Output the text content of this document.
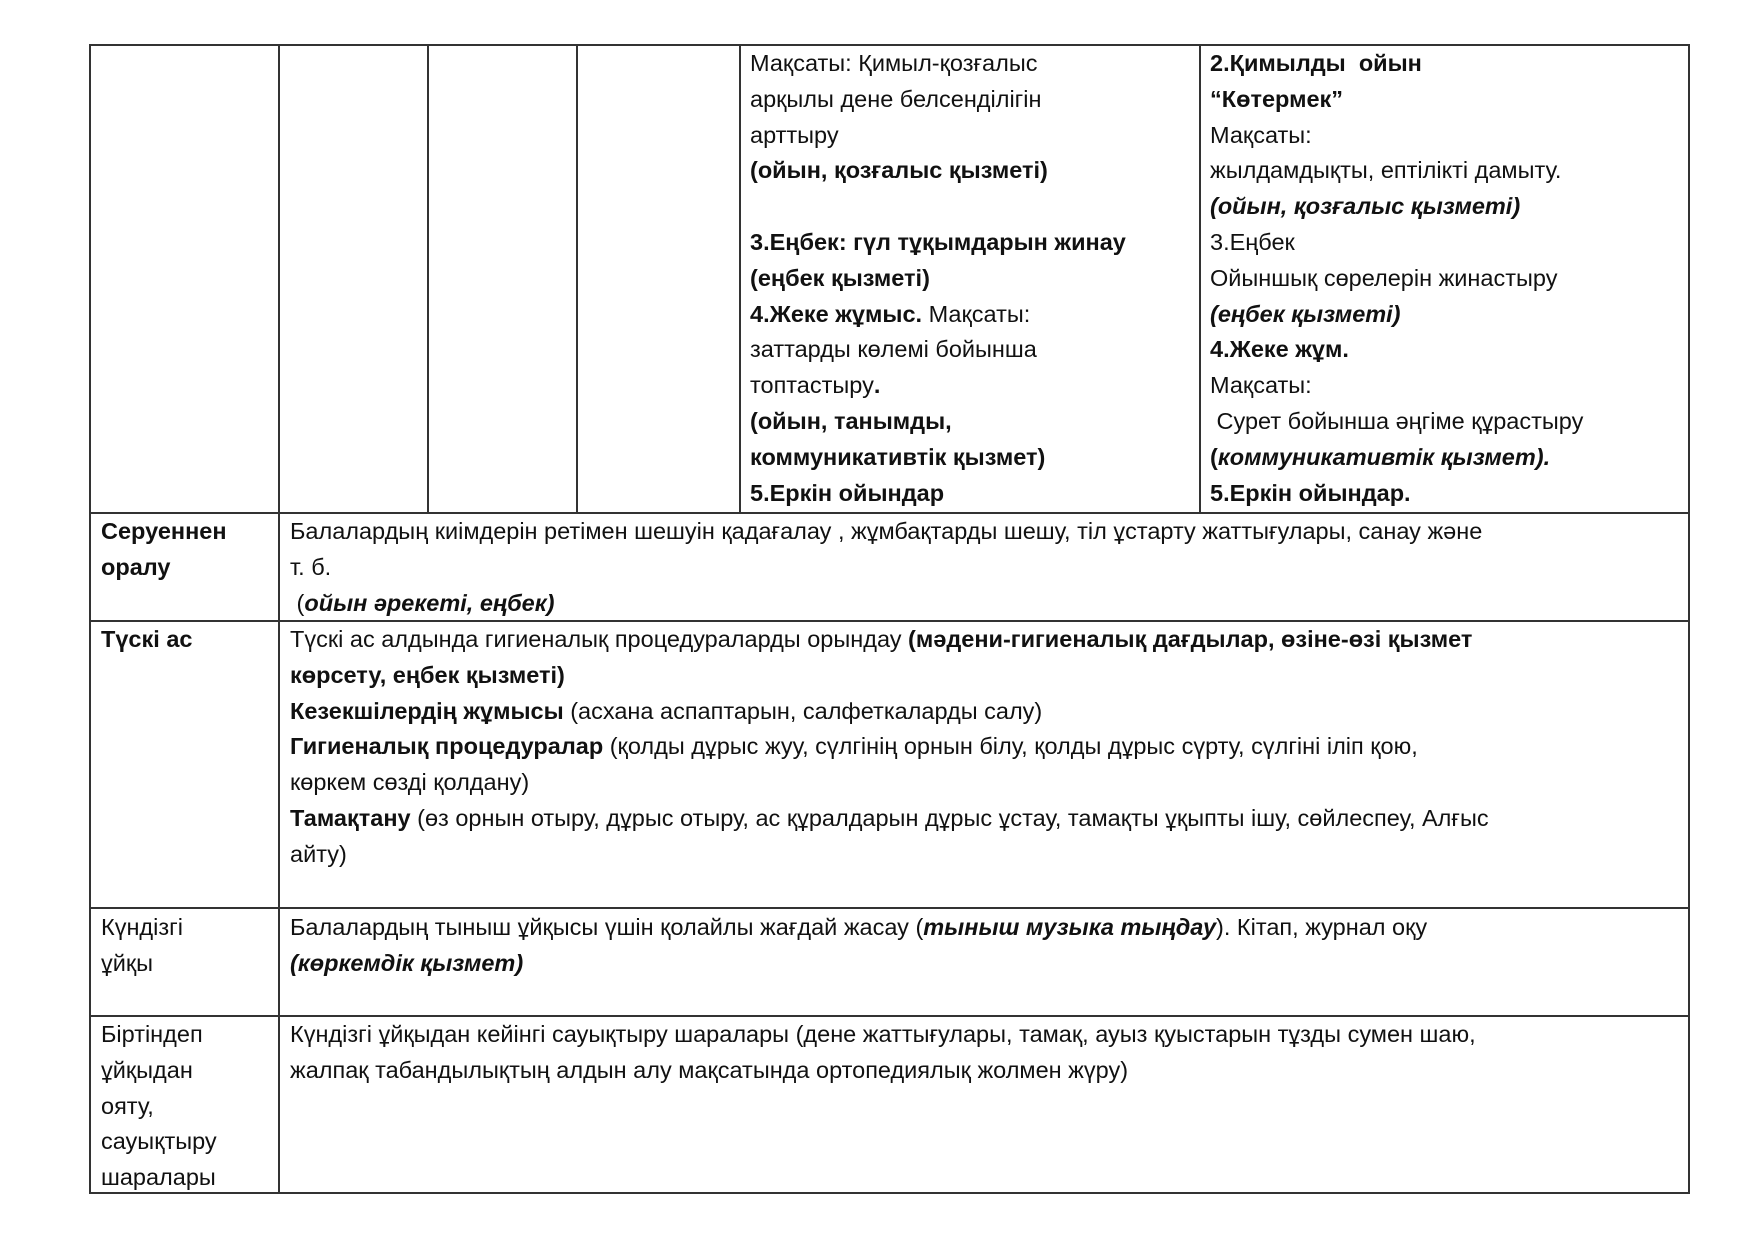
Мақсаты: Қимыл-қозғалыс
арқылы дене белсенділігін
арттыру
(ойын, қозғалыс қызметі)

3.Еңбек: гүл тұқымдарын жинау
(еңбек қызметі)
4.Жеке жұмыс. Мақсаты:
заттарды көлемі бойынша
топтастыру.
(ойын, танымды,
коммуникативтік қызмет)
5.Еркін ойындар
2.Қимылды  ойын
“Көтермек”
Мақсаты:
жылдамдықты, ептілікті дамыту.
(ойын, қозғалыс қызметі)
3.Еңбек
Ойыншық сөрелерін жинастыру
(еңбек қызметі)
4.Жеке жұм.
Мақсаты:
Сурет бойынша әңгіме құрастыру
(коммуникативтік қызмет).
5.Еркін ойындар.
Серуеннен
оралу
Балалардың киімдерін ретімен шешуін қадағалау , жұмбақтарды шешу, тіл ұстарту жаттығулары, санау және
т. б.
(ойын әрекеті, еңбек)
Түскі ас	Түскі ас алдында гигиеналық процедураларды орындау (мәдени-гигиеналық дағдылар, өзіне-өзі қызмет
көрсету, еңбек қызметі)
Кезекшілердің жұмысы (асхана аспаптарын, салфеткаларды салу)
Гигиеналық процедуралар (қолды дұрыс жуу, сүлгінің орнын білу, қолды дұрыс сүрту, сүлгіні іліп қою,
көркем сөзді қолдану)
Тамақтану (өз орнын отыру, дұрыс отыру, ас құралдарын дұрыс ұстау, тамақты ұқыпты ішу, сөйлеспеу, Алғыс
айту)
Күндізгі
ұйқы
Балалардың тыныш ұйқысы үшін қолайлы жағдай жасау (тыныш музыка тыңдау). Кітап, журнал оқу
(көркемдік қызмет)
Біртіндеп
ұйқыдан
ояту,
сауықтыру
шаралары
Күндізгі ұйқыдан кейінгі сауықтыру шаралары (дене жаттығулары, тамақ, ауыз қуыстарын тұзды сумен шаю,
жалпақ табандылықтың алдын алу мақсатында ортопедиялық жолмен жүру)
